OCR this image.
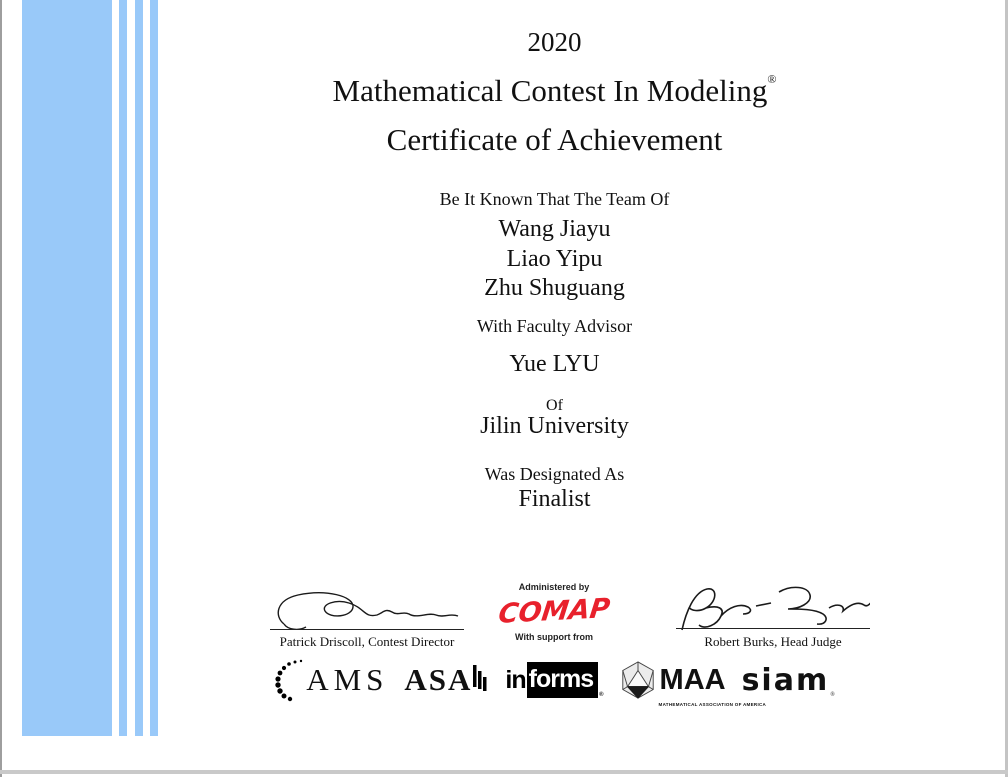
2020
Mathematical Contest In Modeling®
Certificate of Achievement
Be It Known That The Team Of
Wang Jiayu
Liao Yipu
Zhu Shuguang
With Faculty Advisor
Yue LYU
Of
Jilin University
Was Designated As
Finalist
Patrick Driscoll, Contest Director
Administered by
COMAP
With support from	Robert Burks, Head Judge
AMS ASA in forms
® MAA
MATHEMATICAL ASSOCIATION OF AMERICA
siam ®
